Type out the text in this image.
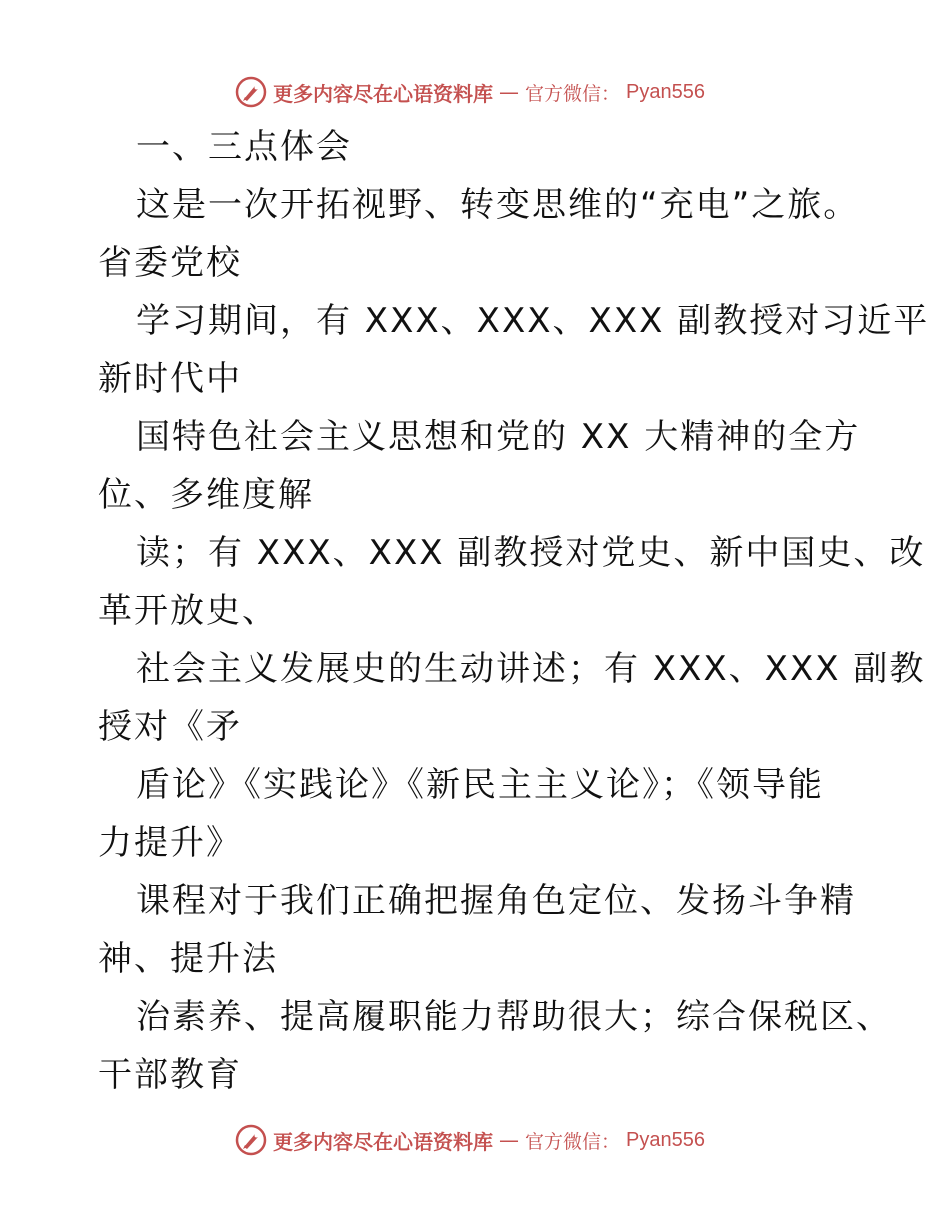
更多内容尽在心语资料库 — 官方微信： Pyan556
一、三点体会
这是一次开拓视野、转变思维的“充电”之旅。
省委党校
学习期间，有 XXX、XXX、XXX 副教授对习近平
新时代中
国特色社会主义思想和党的 XX 大精神的全方
位、多维度解
读；有 XXX、XXX 副教授对党史、新中国史、改
革开放史、
社会主义发展史的生动讲述；有 XXX、XXX 副教
授对《矛
盾论》《实践论》《新民主主义论》；《领导能
力提升》
课程对于我们正确把握角色定位、发扬斗争精
神、提升法
治素养、提高履职能力帮助很大；综合保税区、
干部教育
更多内容尽在心语资料库 — 官方微信： Pyan556
